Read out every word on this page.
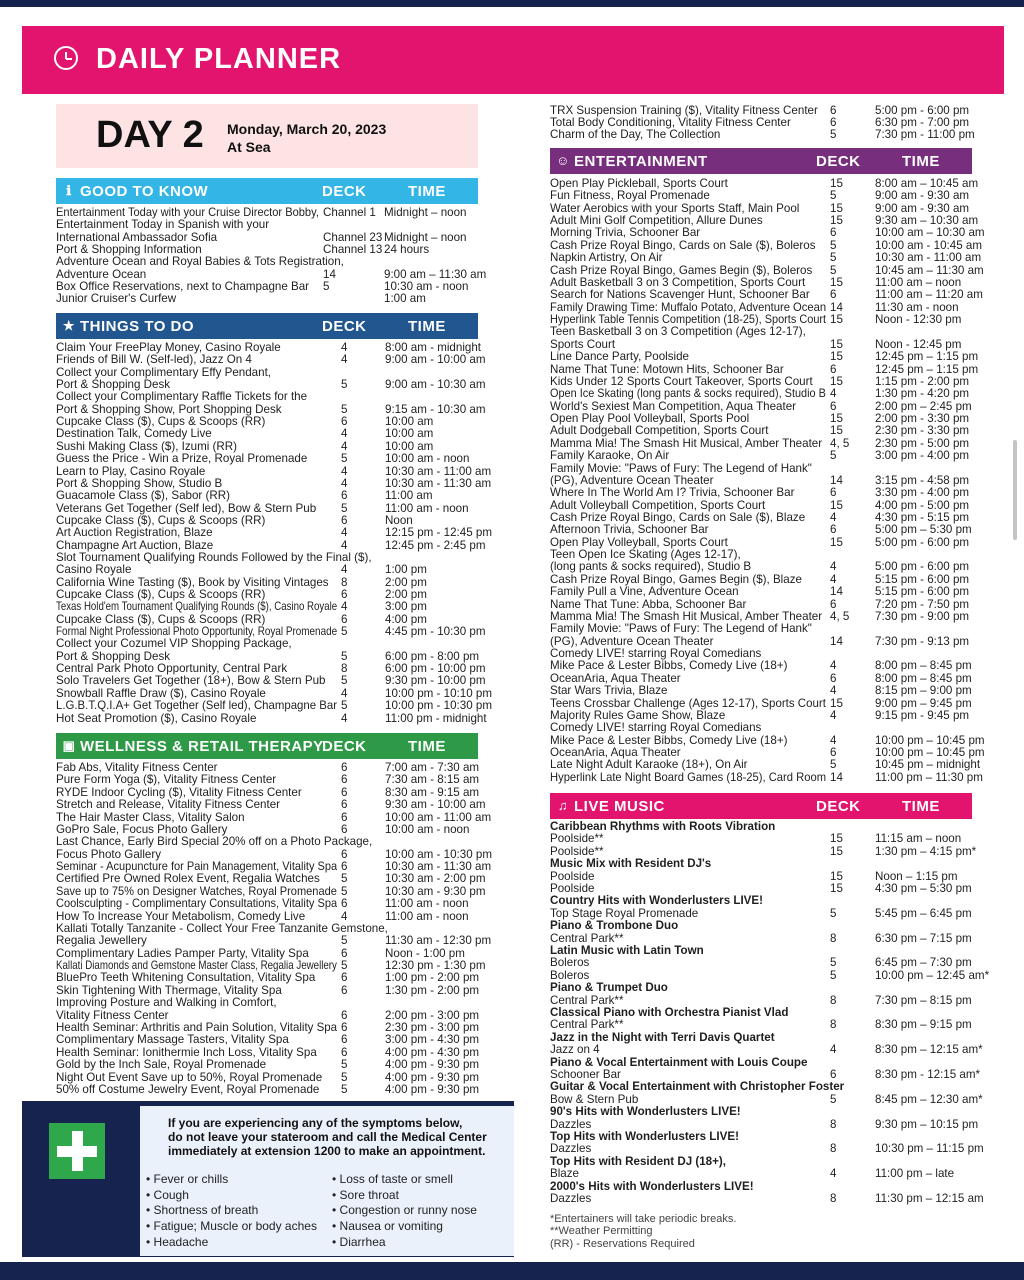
DAILY PLANNER
DAY 2 Monday, March 20, 2023
At Sea
ℹ GOOD TO KNOW	DECK	TIME
Entertainment Today with your Cruise Director Bobby, Channel 1 Midnight – noon
Entertainment Today in Spanish with your
International Ambassador Sofia	Channel 23 Midnight – noon
Port & Shopping Information	Channel 13 24 hours
Adventure Ocean and Royal Babies & Tots Registration,
Adventure Ocean	14	9:00 am – 11:30 am
Box Office Reservations, next to Champagne Bar 5	10:30 am - noon
Junior Cruiser's Curfew	1:00 am
★ THINGS TO DO	DECK	TIME
Claim Your FreePlay Money, Casino Royale	4	8:00 am - midnight
Friends of Bill W. (Self-led), Jazz On 4	4	9:00 am - 10:00 am
Collect your Complimentary Effy Pendant,
Port & Shopping Desk	5	9:00 am - 10:30 am
Collect your Complimentary Raffle Tickets for the
Port & Shopping Show, Port Shopping Desk	5	9:15 am - 10:30 am
Cupcake Class ($), Cups & Scoops (RR)	6	10:00 am
Destination Talk, Comedy Live	4	10:00 am
Sushi Making Class ($), Izumi (RR)	4	10:00 am
Guess the Price - Win a Prize, Royal Promenade	5	10:00 am - noon
Learn to Play, Casino Royale	4	10:30 am - 11:00 am
Port & Shopping Show, Studio B	4	10:30 am - 11:30 am
Guacamole Class ($), Sabor (RR)	6	11:00 am
Veterans Get Together (Self led), Bow & Stern Pub 5	11:00 am - noon
Cupcake Class ($), Cups & Scoops (RR)	6	Noon
Art Auction Registration, Blaze	4	12:15 pm - 12:45 pm
Champagne Art Auction, Blaze	4	12:45 pm - 2:45 pm
Slot Tournament Qualifying Rounds Followed by the Final ($),
Casino Royale	4	1:00 pm
California Wine Tasting ($), Book by Visiting Vintages 8	2:00 pm
Cupcake Class ($), Cups & Scoops (RR)	6	2:00 pm
Texas Hold'em Tournament Qualifying Rounds ($), Casino Royale 4	3:00 pm
Cupcake Class ($), Cups & Scoops (RR)	6	4:00 pm
Formal Night Professional Photo Opportunity, Royal Promenade 5	4:45 pm - 10:30 pm
Collect your Cozumel VIP Shopping Package,
Port & Shopping Desk	5	6:00 pm - 8:00 pm
Central Park Photo Opportunity, Central Park	8	6:00 pm - 10:00 pm
Solo Travelers Get Together (18+), Bow & Stern Pub 5	9:30 pm - 10:00 pm
Snowball Raffle Draw ($), Casino Royale	4	10:00 pm - 10:10 pm
L.G.B.T.Q.I.A+ Get Together (Self led), Champagne Bar 5	10:00 pm - 10:30 pm
Hot Seat Promotion ($), Casino Royale	4	11:00 pm - midnight
▣ WELLNESS & RETAIL THERAPY
DECK	TIME
Fab Abs, Vitality Fitness Center	6	7:00 am - 7:30 am
Pure Form Yoga ($), Vitality Fitness Center	6	7:30 am - 8:15 am
RYDE Indoor Cycling ($), Vitality Fitness Center	6	8:30 am - 9:15 am
Stretch and Release, Vitality Fitness Center	6	9:30 am - 10:00 am
The Hair Master Class, Vitality Salon	6	10:00 am - 11:00 am
GoPro Sale, Focus Photo Gallery	6	10:00 am - noon
Last Chance, Early Bird Special 20% off on a Photo Package,
Focus Photo Gallery	6	10:00 am - 10:30 pm
Seminar - Acupuncture for Pain Management, Vitality Spa 6	10:30 am - 11:30 am
Certified Pre Owned Rolex Event, Regalia Watches 5	10:30 am - 2:00 pm
Save up to 75% on Designer Watches, Royal Promenade 5	10:30 am - 9:30 pm
Coolsculpting - Complimentary Consultations, Vitality Spa 6	11:00 am - noon
How To Increase Your Metabolism, Comedy Live	4	11:00 am - noon
Kallati Totally Tanzanite - Collect Your Free Tanzanite Gemstone,
Regalia Jewellery	5	11:30 am - 12:30 pm
Complimentary Ladies Pamper Party, Vitality Spa	6	Noon - 1:00 pm
Kallati Diamonds and Gemstone Master Class, Regalia Jewellery 5	12:30 pm - 1:30 pm
BluePro Teeth Whitening Consultation, Vitality Spa 6	1:00 pm - 2:00 pm
Skin Tightening With Thermage, Vitality Spa	6	1:30 pm - 2:00 pm
Improving Posture and Walking in Comfort,
Vitality Fitness Center	6	2:00 pm - 3:00 pm
Health Seminar: Arthritis and Pain Solution, Vitality Spa 6	2:30 pm - 3:00 pm
Complimentary Massage Tasters, Vitality Spa	6	3:00 pm - 4:30 pm
Health Seminar: Ionithermie Inch Loss, Vitality Spa 6	4:00 pm - 4:30 pm
Gold by the Inch Sale, Royal Promenade	5	4:00 pm - 9:30 pm
Night Out Event Save up to 50%, Royal Promenade 5	4:00 pm - 9:30 pm
50% off Costume Jewelry Event, Royal Promenade 5	4:00 pm - 9:30 pm
TRX Suspension Training ($), Vitality Fitness Center 6	5:00 pm - 6:00 pm
Total Body Conditioning, Vitality Fitness Center	6	6:30 pm - 7:00 pm
Charm of the Day, The Collection	5	7:30 pm - 11:00 pm
☺ ENTERTAINMENT	DECK	TIME
Open Play Pickleball, Sports Court	15	8:00 am – 10:45 am
Fun Fitness, Royal Promenade	5	9:00 am - 9:30 am
Water Aerobics with your Sports Staff, Main Pool	15	9:00 am - 9:30 am
Adult Mini Golf Competition, Allure Dunes	15	9:30 am – 10:30 am
Morning Trivia, Schooner Bar	6	10:00 am – 10:30 am
Cash Prize Royal Bingo, Cards on Sale ($), Boleros 5	10:00 am - 10:45 am
Napkin Artistry, On Air	5	10:30 am - 11:00 am
Cash Prize Royal Bingo, Games Begin ($), Boleros 5	10:45 am – 11:30 am
Adult Basketball 3 on 3 Competition, Sports Court 15	11:00 am – noon
Search for Nations Scavenger Hunt, Schooner Bar 6	11:00 am – 11:20 am
Family Drawing Time: Muffalo Potato, Adventure Ocean 14	11:30 am - noon
Hyperlink Table Tennis Competition (18-25), Sports Court 15	Noon - 12:30 pm
Teen Basketball 3 on 3 Competition (Ages 12-17),
Sports Court	15	Noon - 12:45 pm
Line Dance Party, Poolside	15	12:45 pm – 1:15 pm
Name That Tune: Motown Hits, Schooner Bar	6	12:45 pm – 1:15 pm
Kids Under 12 Sports Court Takeover, Sports Court 15	1:15 pm - 2:00 pm
Open Ice Skating (long pants & socks required), Studio B 4	1:30 pm - 4:20 pm
World's Sexiest Man Competition, Aqua Theater	6	2:00 pm – 2:45 pm
Open Play Pool Volleyball, Sports Pool	15	2:00 pm - 3:30 pm
Adult Dodgeball Competition, Sports Court	15	2:30 pm - 3:30 pm
Mamma Mia! The Smash Hit Musical, Amber Theater 4, 5 2:30 pm - 5:00 pm
Family Karaoke, On Air	5	3:00 pm - 4:00 pm
Family Movie: "Paws of Fury: The Legend of Hank"
(PG), Adventure Ocean Theater	14	3:15 pm - 4:58 pm
Where In The World Am I? Trivia, Schooner Bar	6	3:30 pm - 4:00 pm
Adult Volleyball Competition, Sports Court	15	4:00 pm - 5:00 pm
Cash Prize Royal Bingo, Cards on Sale ($), Blaze 4	4:30 pm - 5:15 pm
Afternoon Trivia, Schooner Bar	6	5:00 pm – 5:30 pm
Open Play Volleyball, Sports Court	15	5:00 pm - 6:00 pm
Teen Open Ice Skating (Ages 12-17),
(long pants & socks required), Studio B	4	5:00 pm - 6:00 pm
Cash Prize Royal Bingo, Games Begin ($), Blaze 4	5:15 pm - 6:00 pm
Family Pull a Vine, Adventure Ocean	14	5:15 pm - 6:00 pm
Name That Tune: Abba, Schooner Bar	6	7:20 pm - 7:50 pm
Mamma Mia! The Smash Hit Musical, Amber Theater 4, 5 7:30 pm - 9:00 pm
Family Movie: "Paws of Fury: The Legend of Hank"
(PG), Adventure Ocean Theater	14	7:30 pm - 9:13 pm
Comedy LIVE! starring Royal Comedians
Mike Pace & Lester Bibbs, Comedy Live (18+)	4	8:00 pm – 8:45 pm
OceanAria, Aqua Theater	6	8:00 pm – 8:45 pm
Star Wars Trivia, Blaze	4	8:15 pm – 9:00 pm
Teens Crossbar Challenge (Ages 12-17), Sports Court 15	9:00 pm – 9:45 pm
Majority Rules Game Show, Blaze	4	9:15 pm - 9:45 pm
Comedy LIVE! starring Royal Comedians
Mike Pace & Lester Bibbs, Comedy Live (18+)	4	10:00 pm – 10:45 pm
OceanAria, Aqua Theater	6	10:00 pm – 10:45 pm
Late Night Adult Karaoke (18+), On Air	5	10:45 pm – midnight
Hyperlink Late Night Board Games (18-25), Card Room 14	11:00 pm – 11:30 pm
♫ LIVE MUSIC	DECK	TIME
Caribbean Rhythms with Roots Vibration
Poolside**	15	11:15 am – noon
Poolside**	15	1:30 pm – 4:15 pm*
Music Mix with Resident DJ's
Poolside	15	Noon – 1:15 pm
Poolside	15	4:30 pm – 5:30 pm
Country Hits with Wonderlusters LIVE!
Top Stage Royal Promenade	5	5:45 pm – 6:45 pm
Piano & Trombone Duo
Central Park**	8	6:30 pm – 7:15 pm
Latin Music with Latin Town
Boleros	5	6:45 pm – 7:30 pm
Boleros	5	10:00 pm – 12:45 am*
Piano & Trumpet Duo
Central Park**	8	7:30 pm – 8:15 pm
Classical Piano with Orchestra Pianist Vlad
Central Park**	8	8:30 pm – 9:15 pm
Jazz in the Night with Terri Davis Quartet
Jazz on 4	4	8:30 pm – 12:15 am*
Piano & Vocal Entertainment with Louis Coupe
Schooner Bar	6	8:30 pm - 12:15 am*
Guitar & Vocal Entertainment with Christopher Foster
Bow & Stern Pub	5	8:45 pm – 12:30 am*
90's Hits with Wonderlusters LIVE!
Dazzles	8	9:30 pm – 10:15 pm
Top Hits with Wonderlusters LIVE!
Dazzles	8	10:30 pm – 11:15 pm
Top Hits with Resident DJ (18+),
Blaze	4	11:00 pm – late
2000's Hits with Wonderlusters LIVE!
Dazzles	8	11:30 pm – 12:15 am
If you are experiencing any of the symptoms below,
do not leave your stateroom and call the Medical Center
immediately at extension 1200 to make an appointment.
• Fever or chills
• Cough
• Shortness of breath
• Fatigue; Muscle or body aches
• Headache
• Loss of taste or smell
• Sore throat
• Congestion or runny nose
• Nausea or vomiting
• Diarrhea
*Entertainers will take periodic breaks.
**Weather Permitting
(RR) - Reservations Required
